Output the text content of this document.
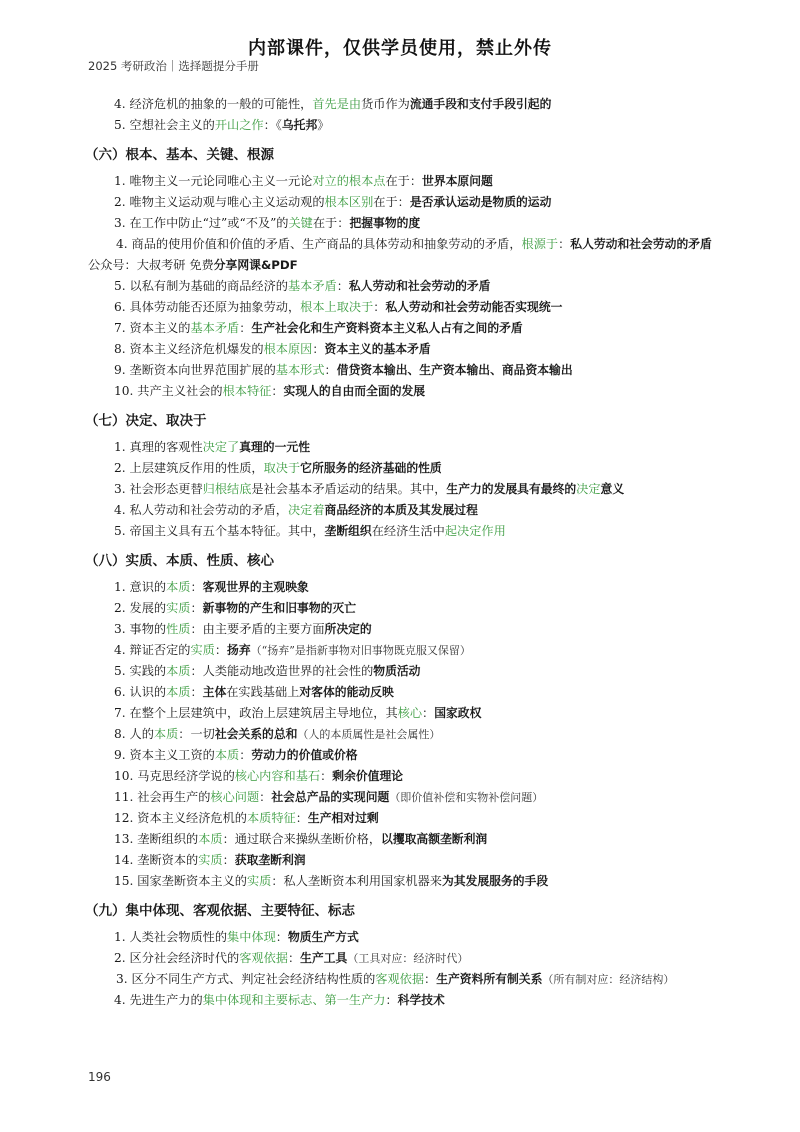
内部课件，仅供学员使用，禁止外传
2025 考研政治｜选择题提分手册
4. 经济危机的抽象的一般的可能性，首先是由货币作为流通手段和支付手段引起的
5. 空想社会主义的开山之作：《乌托邦》
（六）根本、基本、关键、根源
1. 唯物主义一元论同唯心主义一元论对立的根本点在于：世界本原问题
2. 唯物主义运动观与唯心主义运动观的根本区别在于：是否承认运动是物质的运动
3. 在工作中防止“过”或“不及”的关键在于：把握事物的度
4. 商品的使用价值和价值的矛盾、生产商品的具体劳动和抽象劳动的矛盾，根源于：私人劳动和社会劳动的矛盾公众号：大叔考研 免费分享网课&PDF
5. 以私有制为基础的商品经济的基本矛盾：私人劳动和社会劳动的矛盾
6. 具体劳动能否还原为抽象劳动，根本上取决于：私人劳动和社会劳动能否实现统一
7. 资本主义的基本矛盾：生产社会化和生产资料资本主义私人占有之间的矛盾
8. 资本主义经济危机爆发的根本原因：资本主义的基本矛盾
9. 垄断资本向世界范围扩展的基本形式：借贷资本输出、生产资本输出、商品资本输出
10. 共产主义社会的根本特征：实现人的自由而全面的发展
（七）决定、取决于
1. 真理的客观性决定了真理的一元性
2. 上层建筑反作用的性质，取决于它所服务的经济基础的性质
3. 社会形态更替归根结底是社会基本矛盾运动的结果。其中，生产力的发展具有最终的决定意义
4. 私人劳动和社会劳动的矛盾，决定着商品经济的本质及其发展过程
5. 帝国主义具有五个基本特征。其中，垄断组织在经济生活中起决定作用
（八）实质、本质、性质、核心
1. 意识的本质：客观世界的主观映象
2. 发展的实质：新事物的产生和旧事物的灭亡
3. 事物的性质：由主要矛盾的主要方面所决定的
4. 辩证否定的实质：扬弃（“扬弃”是指新事物对旧事物既克服又保留）
5. 实践的本质：人类能动地改造世界的社会性的物质活动
6. 认识的本质：主体在实践基础上对客体的能动反映
7. 在整个上层建筑中，政治上层建筑居主导地位，其核心：国家政权
8. 人的本质：一切社会关系的总和（人的本质属性是社会属性）
9. 资本主义工资的本质：劳动力的价值或价格
10. 马克思经济学说的核心内容和基石：剩余价值理论
11. 社会再生产的核心问题：社会总产品的实现问题（即价值补偿和实物补偿问题）
12. 资本主义经济危机的本质特征：生产相对过剩
13. 垄断组织的本质：通过联合来操纵垄断价格，以攫取高额垄断利润
14. 垄断资本的实质：获取垄断利润
15. 国家垄断资本主义的实质：私人垄断资本利用国家机器来为其发展服务的手段
（九）集中体现、客观依据、主要特征、标志
1. 人类社会物质性的集中体现：物质生产方式
2. 区分社会经济时代的客观依据：生产工具（工具对应：经济时代）
3. 区分不同生产方式、判定社会经济结构性质的客观依据：生产资料所有制关系（所有制对应：经济结构）
4. 先进生产力的集中体现和主要标志、第一生产力：科学技术
196
